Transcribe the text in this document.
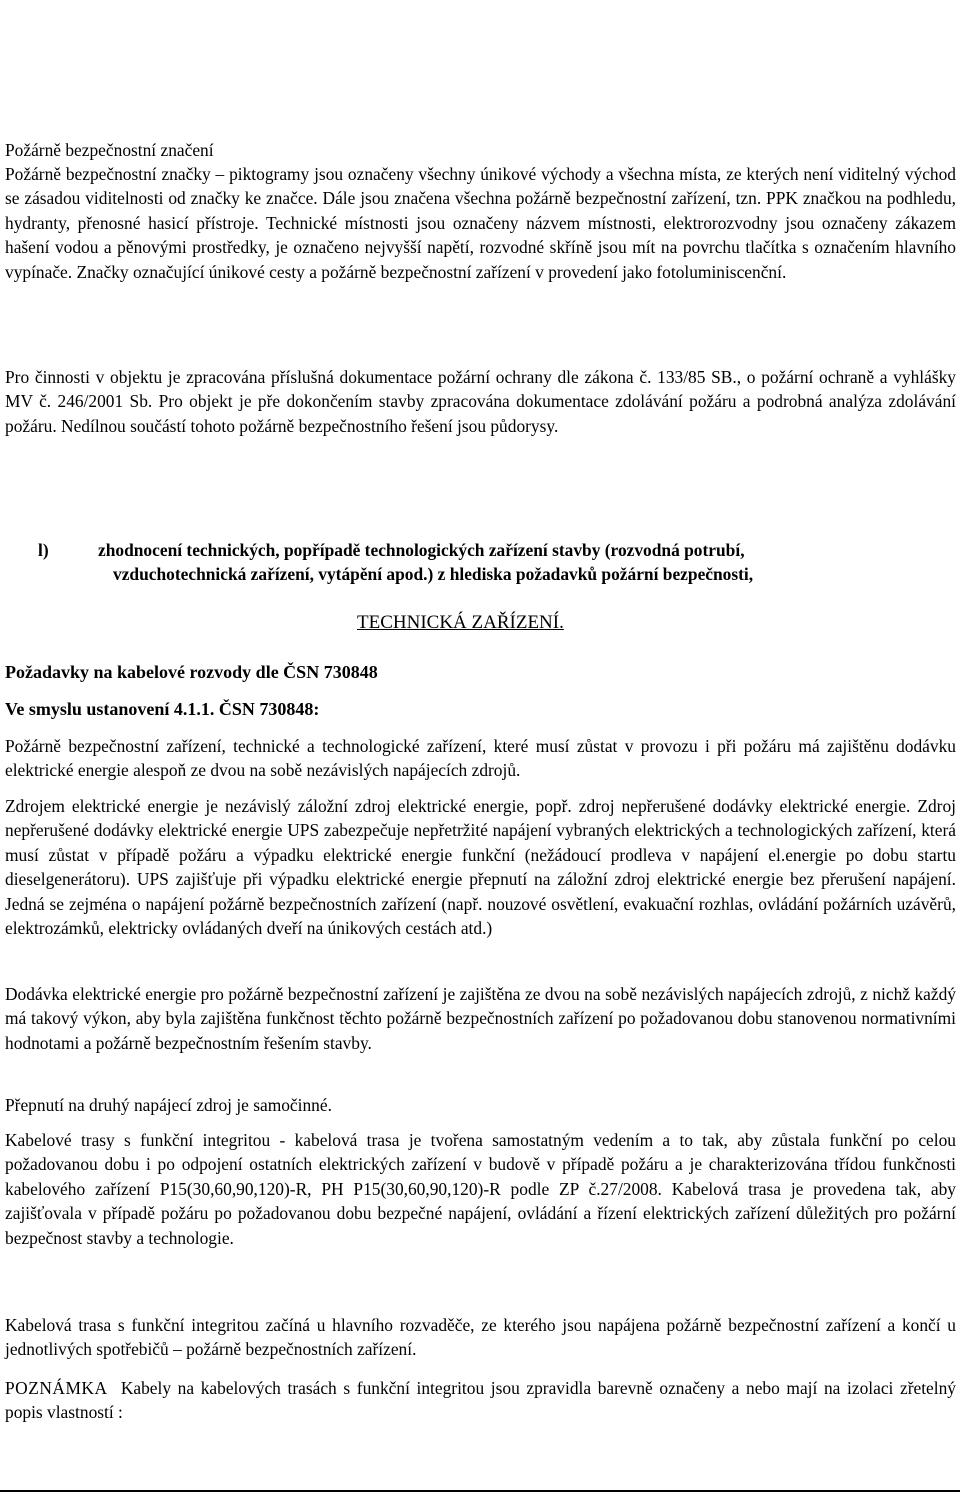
Požárně bezpečnostní značení

Požárně bezpečnostní značky – piktogramy jsou označeny všechny únikové východy a všechna místa, ze kterých není viditelný východ se zásadou viditelnosti od značky ke značce. Dále jsou značena všechna požárně bezpečnostní zařízení, tzn. PPK značkou na podhledu, hydranty, přenosné hasicí přístroje. Technické místnosti jsou označeny názvem místnosti, elektrorozvodny jsou označeny zákazem hašení vodou a pěnovými prostředky, je označeno nejvyšší napětí, rozvodné skříně jsou mít na povrchu tlačítka s označením hlavního vypínače. Značky označující únikové cesty a požárně bezpečnostní zařízení v provedení jako fotoluminiscenční.

Pro činnosti v objektu je zpracována příslušná dokumentace požární ochrany dle zákona č. 133/85 SB., o požární ochraně a vyhlášky MV č. 246/2001 Sb. Pro objekt je pře dokončením stavby zpracována dokumentace zdolávání požáru a podrobná analýza zdolávání požáru. Nedílnou součástí tohoto požárně bezpečnostního řešení jsou půdorysy.

l)	zhodnocení technických, popřípadě technologických zařízení stavby (rozvodná potrubí,
vzduchotechnická zařízení, vytápění apod.) z hlediska požadavků požární bezpečnosti,
TECHNICKÁ ZAŘÍZENÍ.
Požadavky na kabelové rozvody dle ČSN 730848
Ve smyslu ustanovení 4.1.1. ČSN 730848:

Požárně bezpečnostní zařízení, technické a technologické zařízení, které musí zůstat v provozu i při požáru má zajištěnu dodávku elektrické energie alespoň ze dvou na sobě nezávislých napájecích zdrojů.

Zdrojem elektrické energie je nezávislý záložní zdroj elektrické energie, popř. zdroj nepřerušené dodávky elektrické energie. Zdroj nepřerušené dodávky elektrické energie UPS zabezpečuje nepřetržité napájení vybraných elektrických a technologických zařízení, která musí zůstat v případě požáru a výpadku elektrické energie funkční (nežádoucí prodleva v napájení el.energie po dobu startu dieselgenerátoru). UPS zajišťuje při výpadku elektrické energie přepnutí na záložní zdroj elektrické energie bez přerušení napájení. Jedná se zejména o napájení požárně bezpečnostních zařízení (např. nouzové osvětlení, evakuační rozhlas, ovládání požárních uzávěrů, elektrozámků, elektricky ovládaných dveří na únikových cestách atd.)

Dodávka elektrické energie pro požárně bezpečnostní zařízení je zajištěna ze dvou na sobě nezávislých napájecích zdrojů, z nichž každý má takový výkon, aby byla zajištěna funkčnost těchto požárně bezpečnostních zařízení po požadovanou dobu stanovenou normativními hodnotami a požárně bezpečnostním řešením stavby.

Přepnutí na druhý napájecí zdroj je samočinné.

Kabelové trasy s funkční integritou - kabelová trasa je tvořena samostatným vedením a to tak, aby zůstala funkční po celou požadovanou dobu i po odpojení ostatních elektrických zařízení v budově v případě požáru a je charakterizována třídou funkčnosti kabelového zařízení P15(30,60,90,120)-R, PH P15(30,60,90,120)-R podle ZP č.27/2008. Kabelová trasa je provedena tak, aby zajišťovala v případě požáru po požadovanou dobu bezpečné napájení, ovládání a řízení elektrických zařízení důležitých pro požární bezpečnost stavby a technologie.

Kabelová trasa s funkční integritou začíná u hlavního rozvaděče, ze kterého jsou napájena požárně bezpečnostní zařízení a končí u jednotlivých spotřebičů – požárně bezpečnostních zařízení.

POZNÁMKA Kabely na kabelových trasách s funkční integritou jsou zpravidla barevně označeny a nebo mají na izolaci zřetelný popis vlastností :
